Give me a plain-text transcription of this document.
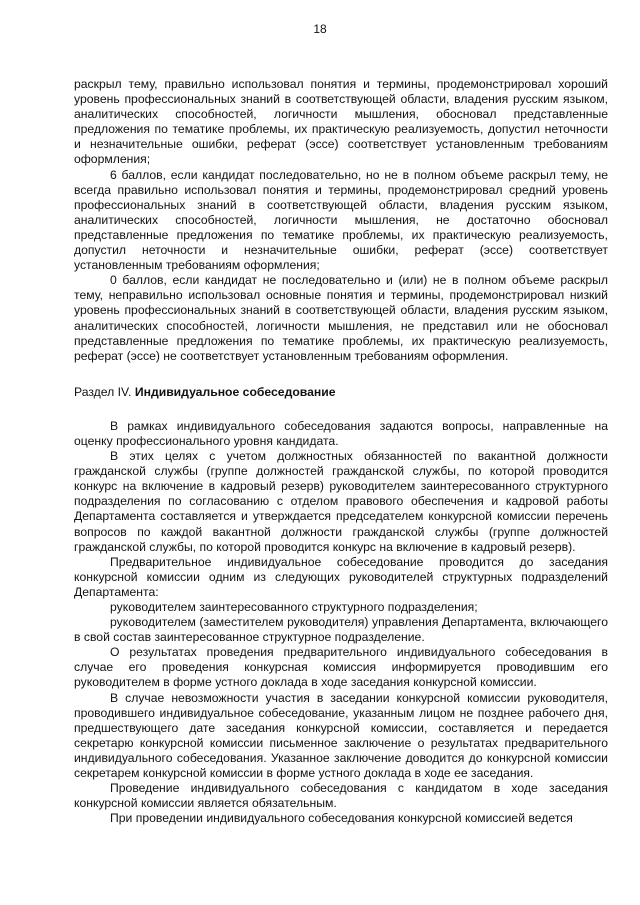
18

раскрыл тему, правильно использовал понятия и термины, продемонстрировал хороший уровень профессиональных знаний в соответствующей области, владения русским языком, аналитических способностей, логичности мышления, обосновал представленные предложения по тематике проблемы, их практическую реализуемость, допустил неточности и незначительные ошибки, реферат (эссе) соответствует установленным требованиям оформления;

6 баллов, если кандидат последовательно, но не в полном объеме раскрыл тему, не всегда правильно использовал понятия и термины, продемонстрировал средний уровень профессиональных знаний в соответствующей области, владения русским языком, аналитических способностей, логичности мышления, не достаточно обосновал представленные предложения по тематике проблемы, их практическую реализуемость, допустил неточности и незначительные ошибки, реферат (эссе) соответствует установленным требованиям оформления;

0 баллов, если кандидат не последовательно и (или) не в полном объеме раскрыл тему, неправильно использовал основные понятия и термины, продемонстрировал низкий уровень профессиональных знаний в соответствующей области, владения русским языком, аналитических способностей, логичности мышления, не представил или не обосновал представленные предложения по тематике проблемы, их практическую реализуемость, реферат (эссе) не соответствует установленным требованиям оформления.

Раздел IV. Индивидуальное собеседование

В рамках индивидуального собеседования задаются вопросы, направленные на оценку профессионального уровня кандидата.

В этих целях с учетом должностных обязанностей по вакантной должности гражданской службы (группе должностей гражданской службы, по которой проводится конкурс на включение в кадровый резерв) руководителем заинтересованного структурного подразделения по согласованию с отделом правового обеспечения и кадровой работы Департамента составляется и утверждается председателем конкурсной комиссии перечень вопросов по каждой вакантной должности гражданской службы (группе должностей гражданской службы, по которой проводится конкурс на включение в кадровый резерв).

Предварительное индивидуальное собеседование проводится до заседания конкурсной комиссии одним из следующих руководителей структурных подразделений Департамента:

руководителем заинтересованного структурного подразделения;

руководителем (заместителем руководителя) управления Департамента, включающего в свой состав заинтересованное структурное подразделение.

О результатах проведения предварительного индивидуального собеседования в случае его проведения конкурсная комиссия информируется проводившим его руководителем в форме устного доклада в ходе заседания конкурсной комиссии.

В случае невозможности участия в заседании конкурсной комиссии руководителя, проводившего индивидуальное собеседование, указанным лицом не позднее рабочего дня, предшествующего дате заседания конкурсной комиссии, составляется и передается секретарю конкурсной комиссии письменное заключение о результатах предварительного индивидуального собеседования. Указанное заключение доводится до конкурсной комиссии секретарем конкурсной комиссии в форме устного доклада в ходе ее заседания.

Проведение индивидуального собеседования с кандидатом в ходе заседания конкурсной комиссии является обязательным.

При проведении индивидуального собеседования конкурсной комиссией ведется
